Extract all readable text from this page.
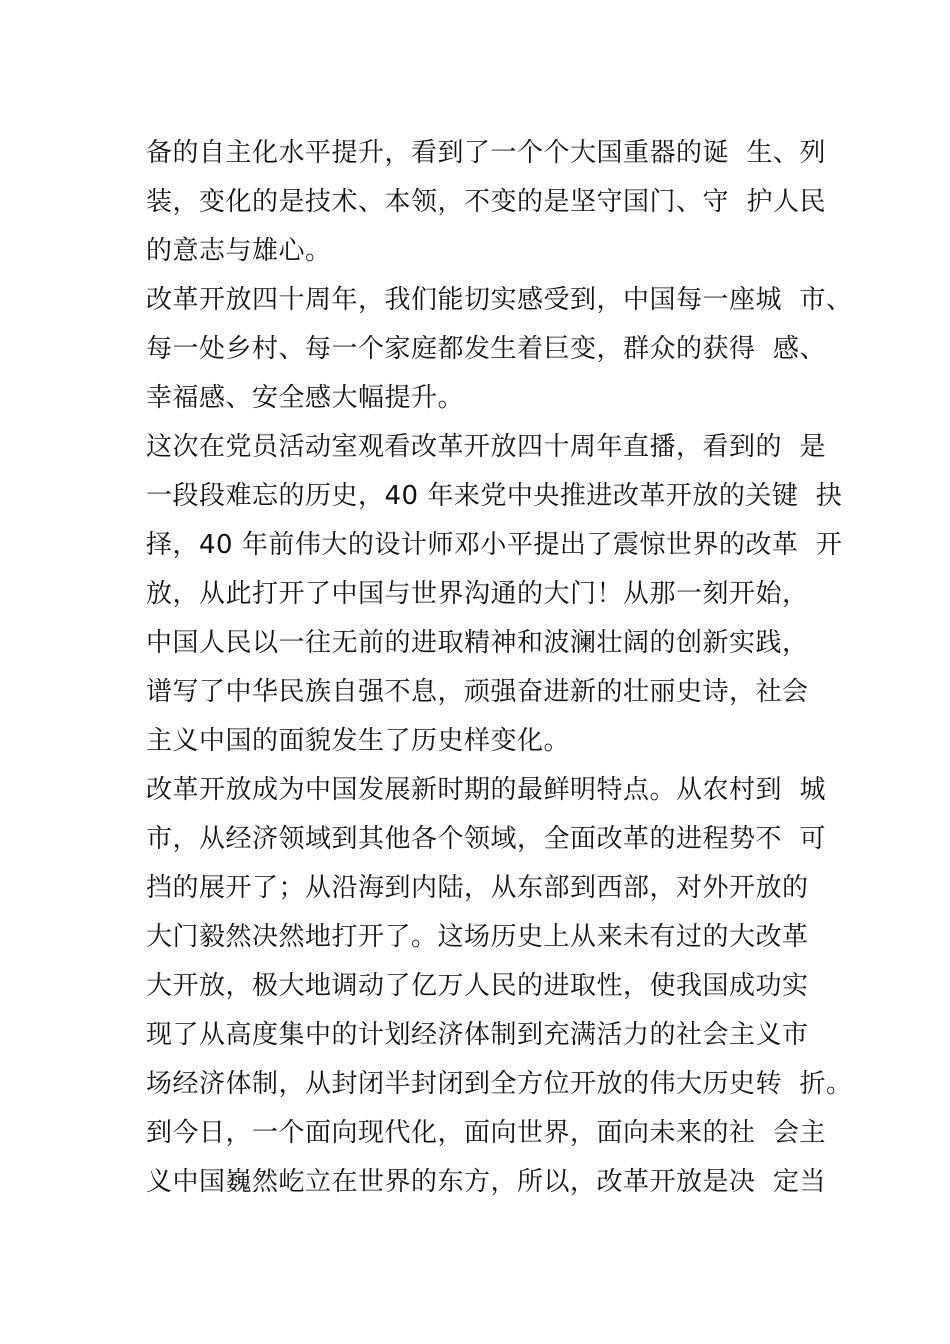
备的自主化水平提升，看到了一个个大国重器的诞  生、列
装，变化的是技术、本领，不变的是坚守国门、守  护人民
的意志与雄心。
改革开放四十周年，我们能切实感受到，中国每一座城  市、
每一处乡村、每一个家庭都发生着巨变，群众的获得  感、
幸福感、安全感大幅提升。
这次在党员活动室观看改革开放四十周年直播，看到的  是
一段段难忘的历史，40 年来党中央推进改革开放的关键  抉
择，40 年前伟大的设计师邓小平提出了震惊世界的改革  开
放，从此打开了中国与世界沟通的大门！从那一刻开始，
中国人民以一往无前的进取精神和波澜壮阔的创新实践，
谱写了中华民族自强不息，顽强奋进新的壮丽史诗，社会
主义中国的面貌发生了历史样变化。
改革开放成为中国发展新时期的最鲜明特点。从农村到  城
市，从经济领域到其他各个领域，全面改革的进程势不  可
挡的展开了；从沿海到内陆，从东部到西部，对外开放的
大门毅然决然地打开了。这场历史上从来未有过的大改革
大开放，极大地调动了亿万人民的进取性，使我国成功实
现了从高度集中的计划经济体制到充满活力的社会主义市
场经济体制，从封闭半封闭到全方位开放的伟大历史转  折。
到今日，一个面向现代化，面向世界，面向未来的社  会主
义中国巍然屹立在世界的东方，所以，改革开放是决  定当
